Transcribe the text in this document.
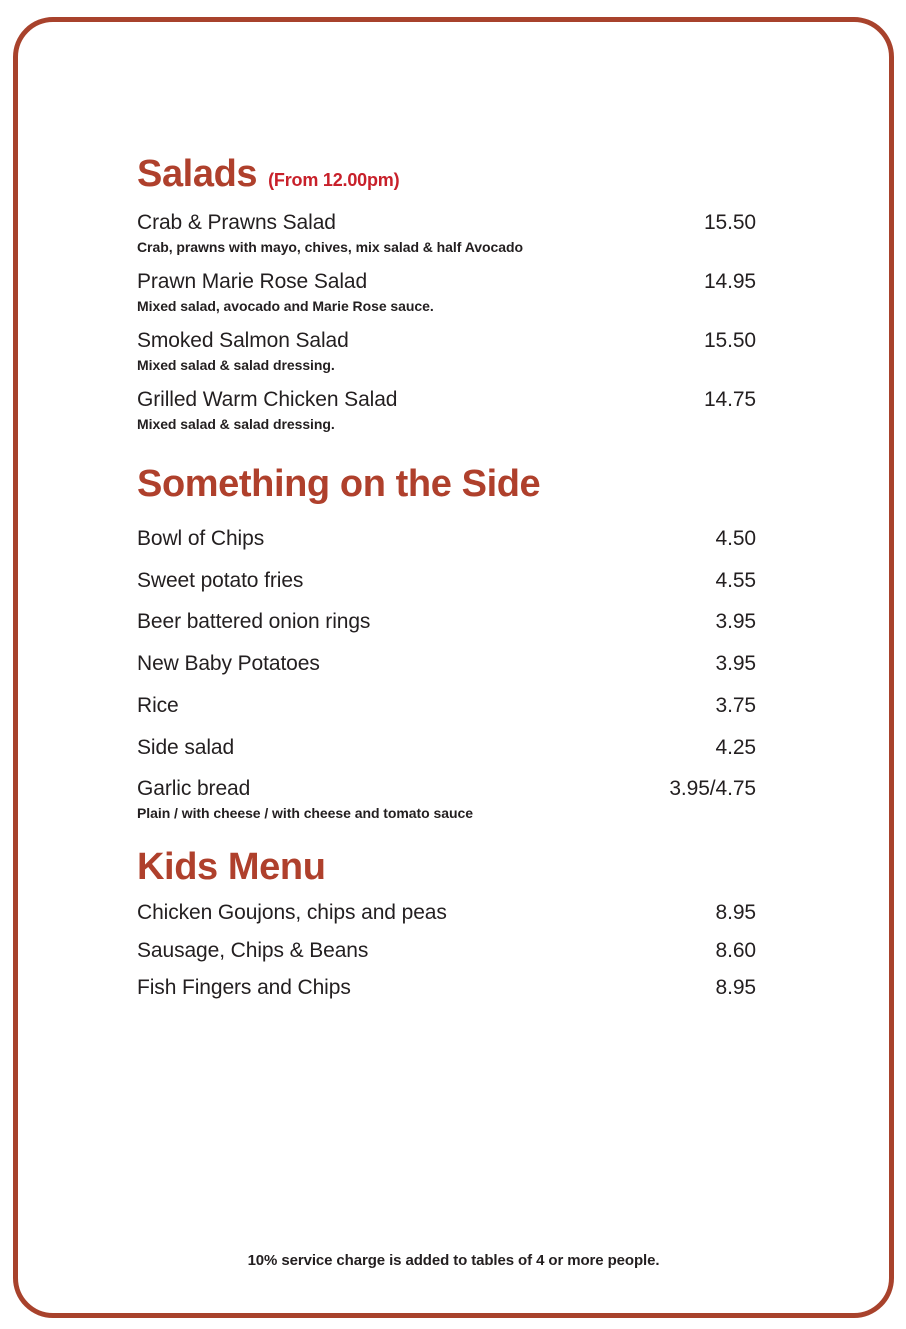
Salads (From 12.00pm)
Crab & Prawns Salad	15.50
Crab, prawns with mayo, chives, mix salad & half Avocado
Prawn Marie Rose Salad	14.95
Mixed salad, avocado and Marie Rose sauce.
Smoked Salmon Salad	15.50
Mixed salad & salad dressing.
Grilled Warm Chicken Salad	14.75
Mixed salad & salad dressing.
Something on the Side
Bowl of Chips	4.50
Sweet potato fries	4.55
Beer battered onion rings	3.95
New Baby Potatoes	3.95
Rice	3.75
Side salad	4.25
Garlic bread	3.95/4.75
Plain / with cheese / with cheese and tomato sauce
Kids Menu
Chicken Goujons, chips and peas	8.95
Sausage, Chips & Beans	8.60
Fish Fingers and Chips	8.95
10% service charge is added to tables of 4 or more people.
